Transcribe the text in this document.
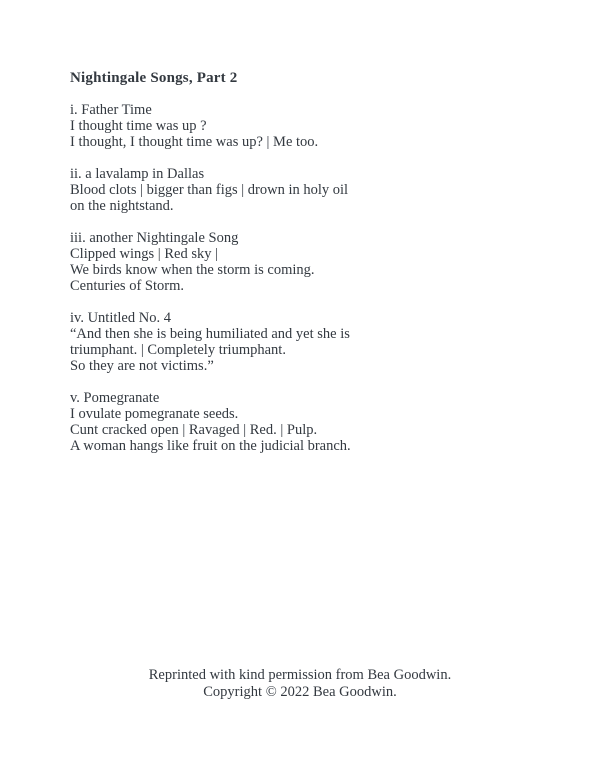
Nightingale Songs, Part 2
i. Father Time
I thought time was up ?
I thought, I thought time was up? | Me too.
ii. a lavalamp in Dallas
Blood clots | bigger than figs | drown in holy oil
on the nightstand.
iii. another Nightingale Song
Clipped wings | Red sky |
We birds know when the storm is coming.
Centuries of Storm.
iv. Untitled No. 4
“And then she is being humiliated and yet she is
triumphant. | Completely triumphant.
So they are not victims.”
v. Pomegranate
I ovulate pomegranate seeds.
Cunt cracked open | Ravaged | Red. | Pulp.
A woman hangs like fruit on the judicial branch.
Reprinted with kind permission from Bea Goodwin.
Copyright © 2022 Bea Goodwin.
